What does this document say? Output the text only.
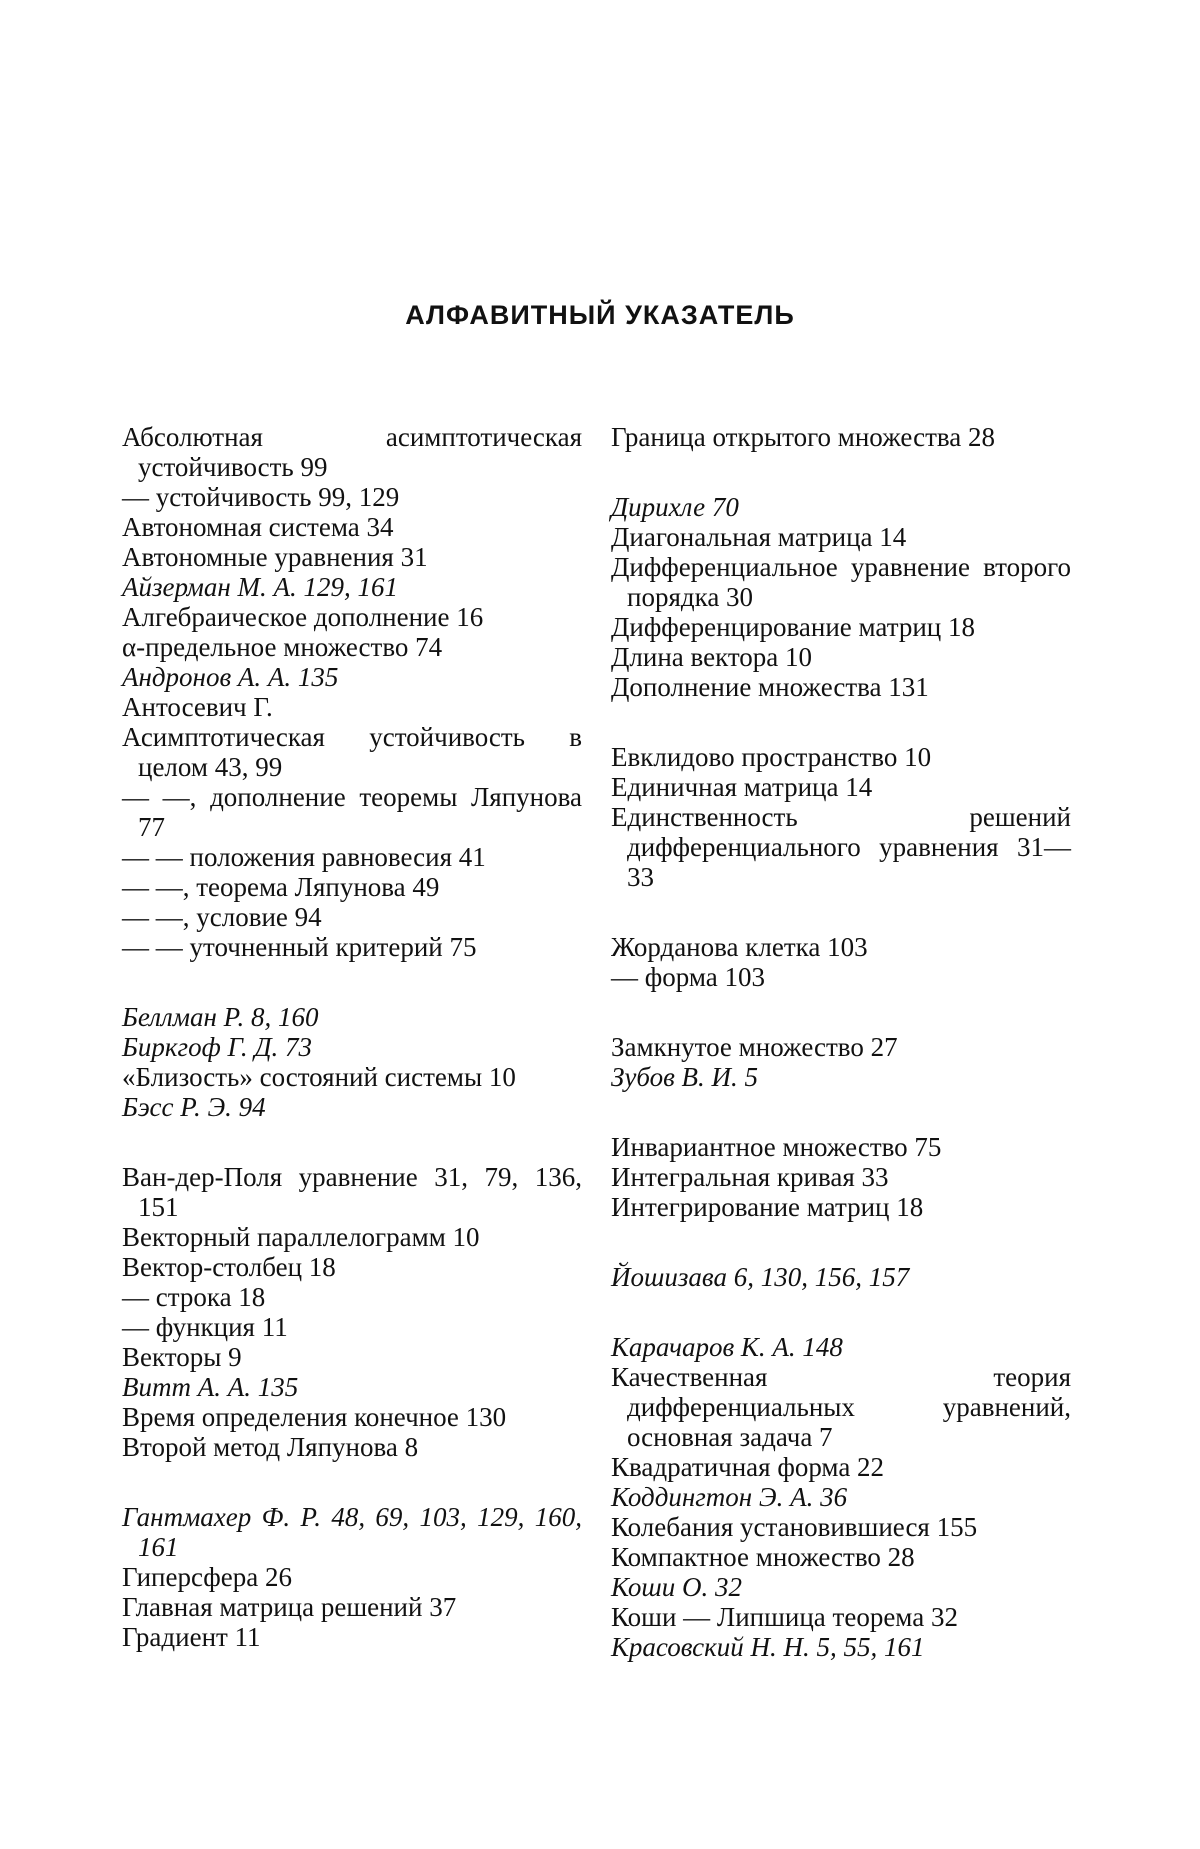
АЛФАВИТНЫЙ УКАЗАТЕЛЬ
Абсолютная асимптотическая устойчивость 99
— устойчивость 99, 129
Автономная система 34
Автономные уравнения 31
Айзерман М. А. 129, 161
Алгебраическое дополнение 16
α-предельное множество 74
Андронов А. А. 135
Антосевич Г.
Асимптотическая устойчивость в целом 43, 99
— —, дополнение теоремы Ляпунова 77
— — положения равновесия 41
— —, теорема Ляпунова 49
— —, условие 94
— — уточненный критерий 75
Беллман Р. 8, 160
Биркгоф Г. Д. 73
«Близость» состояний системы 10
Бэсс Р. Э. 94
Ван-дер-Поля уравнение 31, 79, 136, 151
Векторный параллелограмм 10
Вектор-столбец 18
— строка 18
— функция 11
Векторы 9
Витт А. А. 135
Время определения конечное 130
Второй метод Ляпунова 8
Гантмахер Ф. Р. 48, 69, 103, 129, 160, 161
Гиперсфера 26
Главная матрица решений 37
Градиент 11
Граница открытого множества 28
Дирихле 70
Диагональная матрица 14
Дифференциальное уравнение второго порядка 30
Дифференцирование матриц 18
Длина вектора 10
Дополнение множества 131
Евклидово пространство 10
Единичная матрица 14
Единственность решений дифференциального уравнения 31—33
Жорданова клетка 103
— форма 103
Замкнутое множество 27
Зубов В. И. 5
Инвариантное множество 75
Интегральная кривая 33
Интегрирование матриц 18
Йошизава 6, 130, 156, 157
Карачаров К. А. 148
Качественная теория дифференциальных уравнений, основная задача 7
Квадратичная форма 22
Коддингтон Э. А. 36
Колебания установившиеся 155
Компактное множество 28
Коши О. 32
Коши — Липшица теорема 32
Красовский Н. Н. 5, 55, 161
